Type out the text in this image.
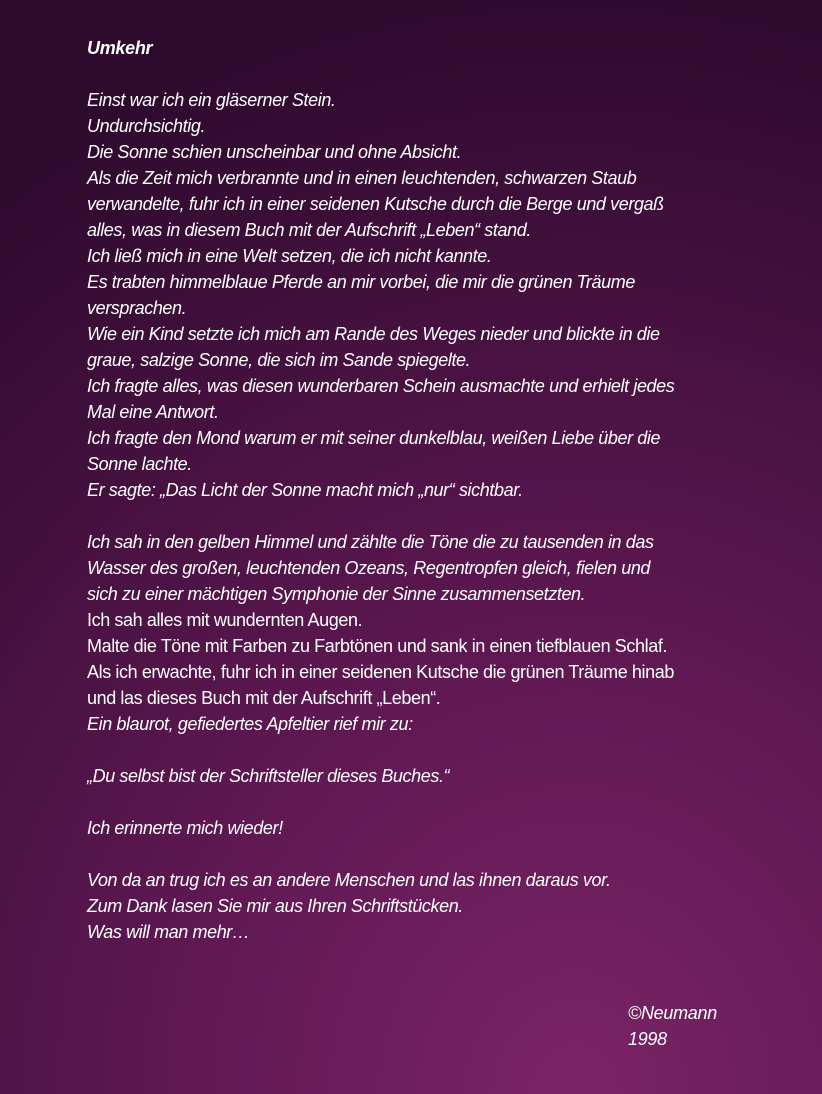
Umkehr
Einst war ich ein gläserner Stein.
Undurchsichtig.
Die Sonne schien unscheinbar und ohne Absicht.
Als die Zeit mich verbrannte und in einen leuchtenden, schwarzen Staub
verwandelte, fuhr ich in einer seidenen Kutsche durch die Berge und vergaß
alles, was in diesem Buch mit der Aufschrift „Leben“ stand.
Ich ließ mich in eine Welt setzen, die ich nicht kannte.
Es trabten himmelblaue Pferde an mir vorbei, die mir die grünen Träume
versprachen.
Wie ein Kind setzte ich mich am Rande des Weges nieder und blickte in die
graue, salzige Sonne, die sich im Sande spiegelte.
Ich fragte alles, was diesen wunderbaren Schein ausmachte und erhielt jedes
Mal eine Antwort.
Ich fragte den Mond warum er mit seiner dunkelblau, weißen Liebe über die
Sonne lachte.
Er sagte: „Das Licht der Sonne macht mich „nur“ sichtbar.
Ich sah in den gelben Himmel und zählte die Töne die zu tausenden in das
Wasser des großen, leuchtenden Ozeans, Regentropfen gleich, fielen und
sich zu einer mächtigen Symphonie der Sinne zusammensetzten.
Ich sah alles mit wundernten Augen.
Malte die Töne mit Farben zu Farbtönen und sank in einen tiefblauen Schlaf.
Als ich erwachte, fuhr ich in einer seidenen Kutsche die grünen Träume hinab
und las dieses Buch mit der Aufschrift „Leben“.
Ein blaurot, gefiedertes Apfeltier rief mir zu:
„Du selbst bist der Schriftsteller dieses Buches.“
Ich erinnerte mich wieder!
Von da an trug ich es an andere Menschen und las ihnen daraus vor.
Zum Dank lasen Sie mir aus Ihren Schriftstücken.
Was will man mehr…
©Neumann
1998
